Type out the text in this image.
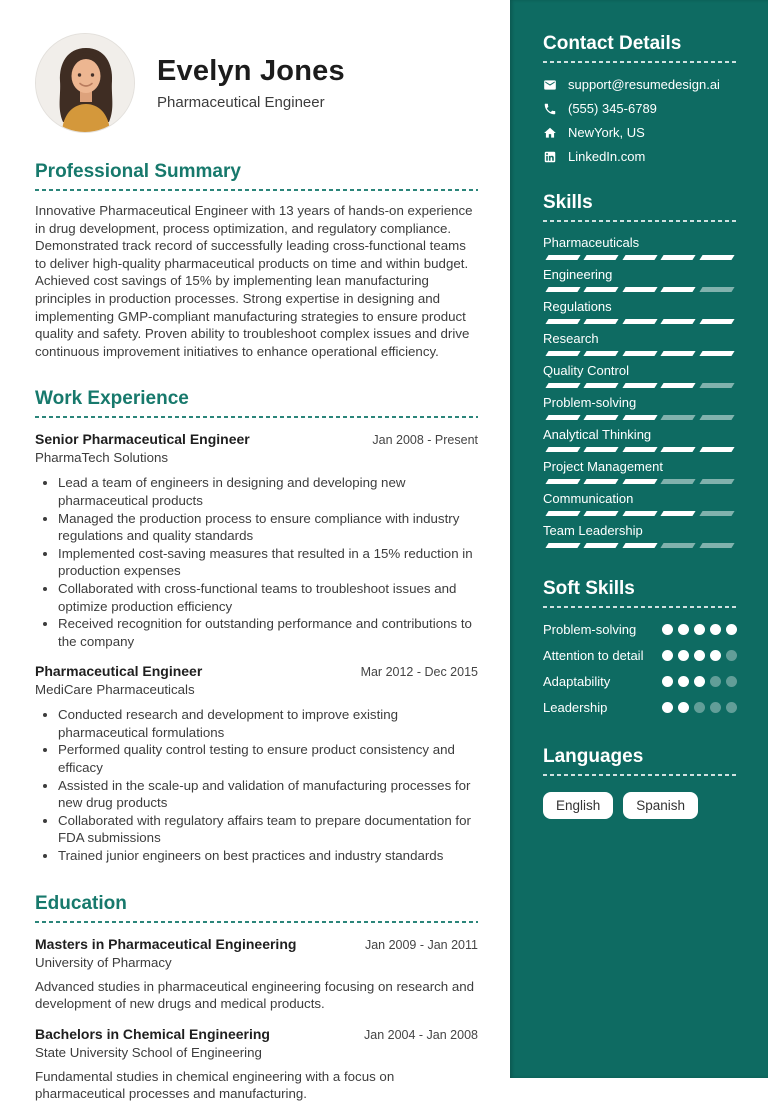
Evelyn Jones
Pharmaceutical Engineer
Professional Summary

Innovative Pharmaceutical Engineer with 13 years of hands-on experience in drug development, process optimization, and regulatory compliance. Demonstrated track record of successfully leading cross-functional teams to deliver high-quality pharmaceutical products on time and within budget. Achieved cost savings of 15% by implementing lean manufacturing principles in production processes. Strong expertise in designing and implementing GMP-compliant manufacturing strategies to ensure product quality and safety. Proven ability to troubleshoot complex issues and drive continuous improvement initiatives to enhance operational efficiency.

Work Experience
Senior Pharmaceutical Engineer	Jan 2008 - Present
PharmaTech Solutions
• Lead a team of engineers in designing and developing new pharmaceutical products
• Managed the production process to ensure compliance with industry regulations and quality standards
• Implemented cost-saving measures that resulted in a 15% reduction in production expenses
• Collaborated with cross-functional teams to troubleshoot issues and optimize production efficiency
• Received recognition for outstanding performance and contributions to the company
Pharmaceutical Engineer	Mar 2012 - Dec 2015
MediCare Pharmaceuticals
• Conducted research and development to improve existing pharmaceutical formulations
• Performed quality control testing to ensure product consistency and efficacy
• Assisted in the scale-up and validation of manufacturing processes for new drug products
• Collaborated with regulatory affairs team to prepare documentation for FDA submissions
• Trained junior engineers on best practices and industry standards
Education
Masters in Pharmaceutical Engineering	Jan 2009 - Jan 2011
University of Pharmacy

Advanced studies in pharmaceutical engineering focusing on research and development of new drugs and medical products.

Bachelors in Chemical Engineering	Jan 2004 - Jan 2008
State University School of Engineering

Fundamental studies in chemical engineering with a focus on pharmaceutical processes and manufacturing.

Contact Details
support@resumedesign.ai
(555) 345-6789
NewYork, US
LinkedIn.com
Skills
Pharmaceuticals
Engineering
Regulations
Research
Quality Control
Problem-solving
Analytical Thinking
Project Management
Communication
Team Leadership
Soft Skills
Problem-solving
Attention to detail
Adaptability
Leadership
Languages
English	Spanish
